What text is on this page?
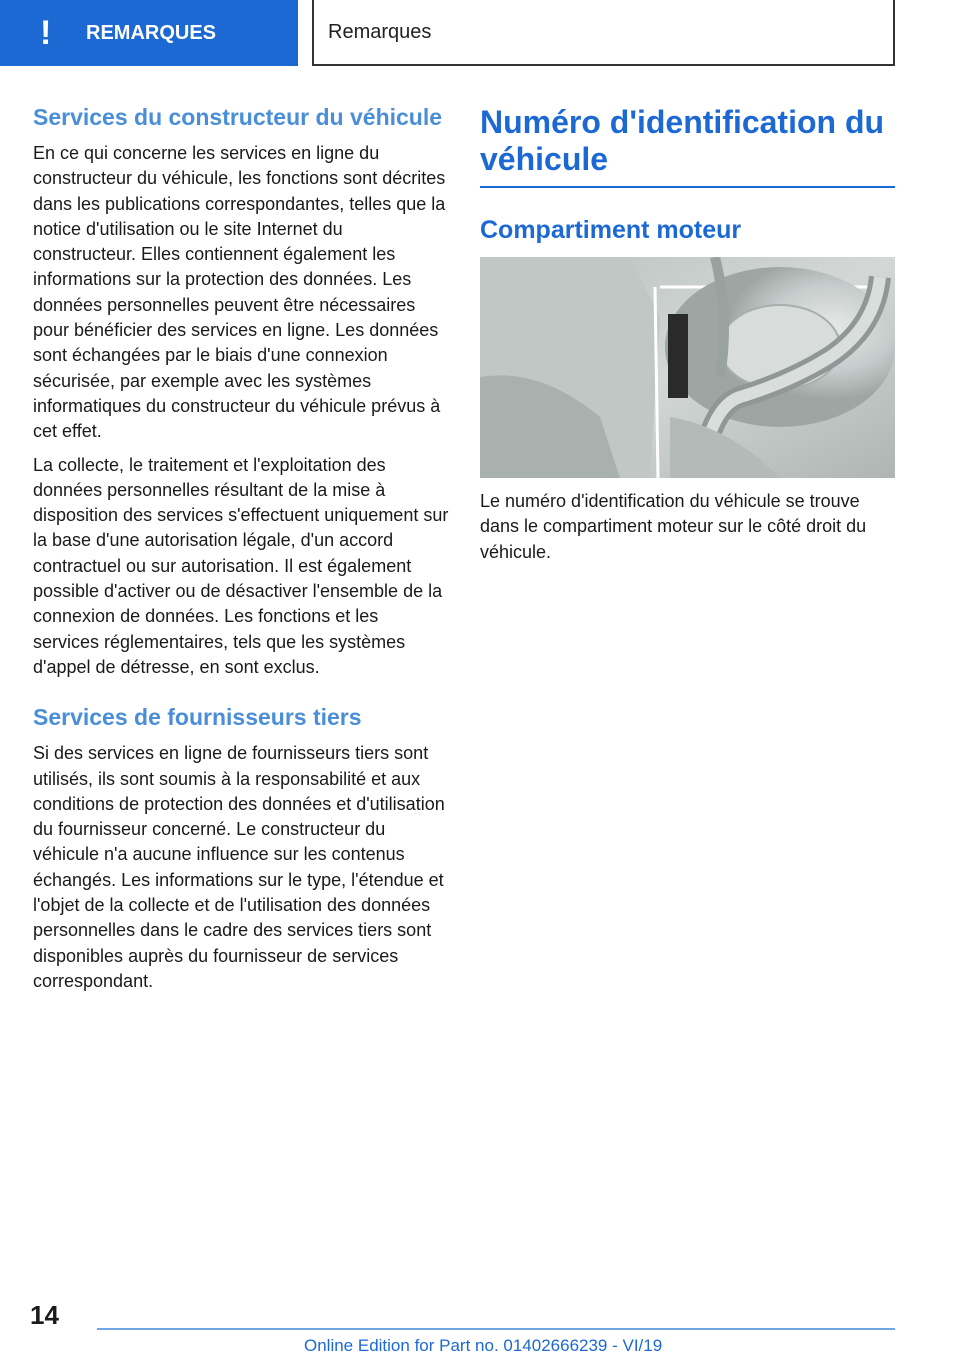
!	REMARQUES	Remarques
Services du constructeur du véhicule

En ce qui concerne les services en ligne du constructeur du véhicule, les fonctions sont décrites dans les publications correspondantes, telles que la notice d'utilisation ou le site Internet du constructeur. Elles contiennent également les informations sur la protection des données. Les données personnelles peuvent être nécessaires pour bénéficier des services en ligne. Les données sont échangées par le biais d'une connexion sécurisée, par exemple avec les systèmes informatiques du constructeur du véhicule prévus à cet effet.

La collecte, le traitement et l'exploitation des données personnelles résultant de la mise à disposition des services s'effectuent uniquement sur la base d'une autorisation légale, d'un accord contractuel ou sur autorisation. Il est également possible d'activer ou de désactiver l'ensemble de la connexion de données. Les fonctions et les services réglementaires, tels que les systèmes d'appel de détresse, en sont exclus.

Services de fournisseurs tiers

Si des services en ligne de fournisseurs tiers sont utilisés, ils sont soumis à la responsabilité et aux conditions de protection des données et d'utilisation du fournisseur concerné. Le constructeur du véhicule n'a aucune influence sur les contenus échangés. Les informations sur le type, l'étendue et l'objet de la collecte et de l'utilisation des données personnelles dans le cadre des services tiers sont disponibles auprès du fournisseur de services correspondant.

Numéro d'identification du véhicule
Compartiment moteur

Le numéro d'identification du véhicule se trouve dans le compartiment moteur sur le côté droit du véhicule.

14
Online Edition for Part no. 01402666239 - VI/19
